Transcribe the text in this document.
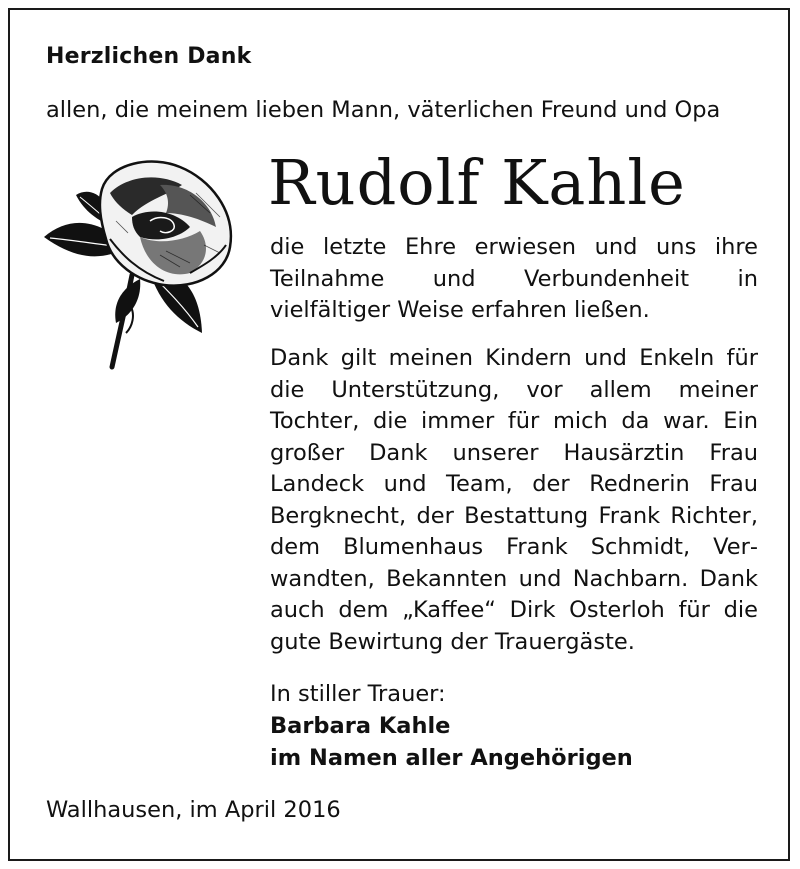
Herzlichen Dank
allen, die meinem lieben Mann, väterlichen Freund und Opa
Rudolf Kahle
die letzte Ehre erwiesen und uns ihre Teilnahme und Verbundenheit in vielfältiger Weise erfahren ließen.
Dank gilt meinen Kindern und Enkeln für die Unterstützung, vor allem meiner Tochter, die immer für mich da war. Ein großer Dank unserer Hausärztin Frau Landeck und Team, der Rednerin Frau Bergknecht, der Bestattung Frank Richter, dem Blumenhaus Frank Schmidt, Verwandten, Bekannten und Nachbarn. Dank auch dem „Kaffee“ Dirk Osterloh für die gute Bewirtung der Trauergäste.
In stiller Trauer:
Barbara Kahle
im Namen aller Angehörigen
Wallhausen, im April 2016
